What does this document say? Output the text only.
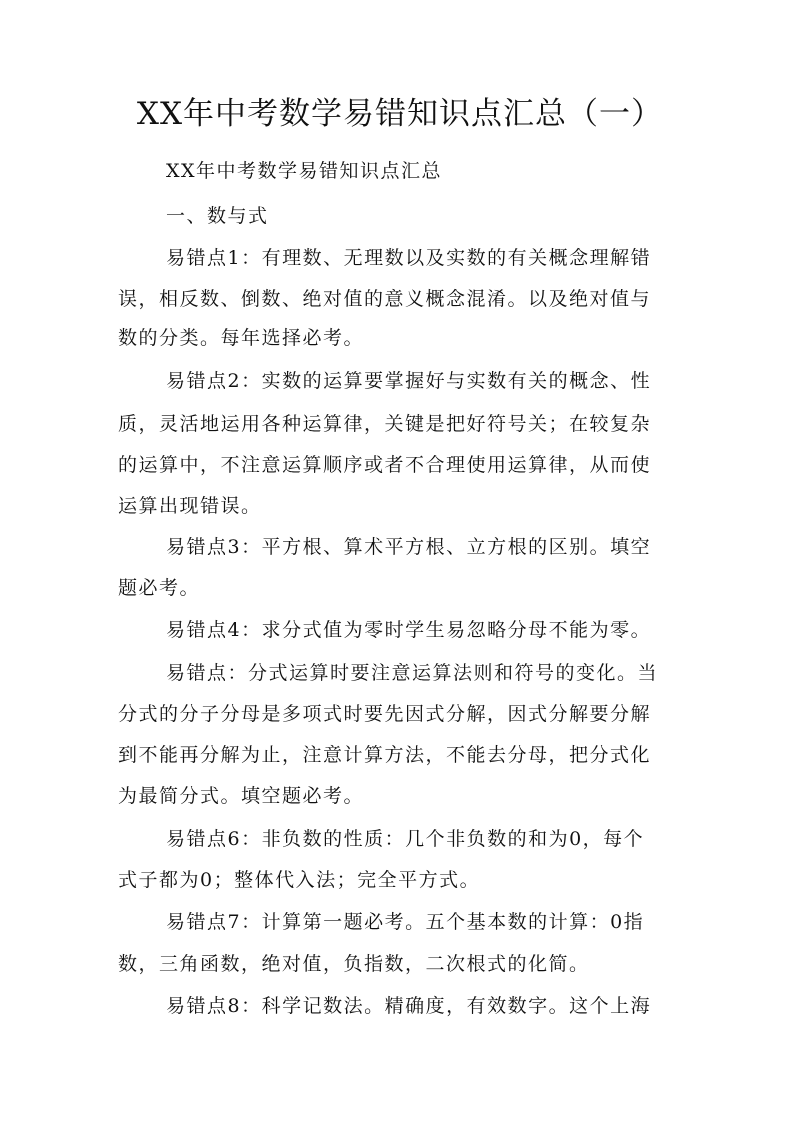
XX年中考数学易错知识点汇总（一）

XX年中考数学易错知识点汇总

一、数与式

易错点1：有理数、无理数以及实数的有关概念理解错

误，相反数、倒数、绝对值的意义概念混淆。以及绝对值与

数的分类。每年选择必考。

易错点2：实数的运算要掌握好与实数有关的概念、性

质，灵活地运用各种运算律，关键是把好符号关；在较复杂

的运算中，不注意运算顺序或者不合理使用运算律，从而使

运算出现错误。

易错点3：平方根、算术平方根、立方根的区别。填空

题必考。

易错点4：求分式值为零时学生易忽略分母不能为零。

易错点：分式运算时要注意运算法则和符号的变化。当

分式的分子分母是多项式时要先因式分解，因式分解要分解

到不能再分解为止，注意计算方法，不能去分母，把分式化

为最简分式。填空题必考。

易错点6：非负数的性质：几个非负数的和为0，每个

式子都为0；整体代入法；完全平方式。

易错点7：计算第一题必考。五个基本数的计算：0指

数，三角函数，绝对值，负指数，二次根式的化简。

易错点8：科学记数法。精确度，有效数字。这个上海
